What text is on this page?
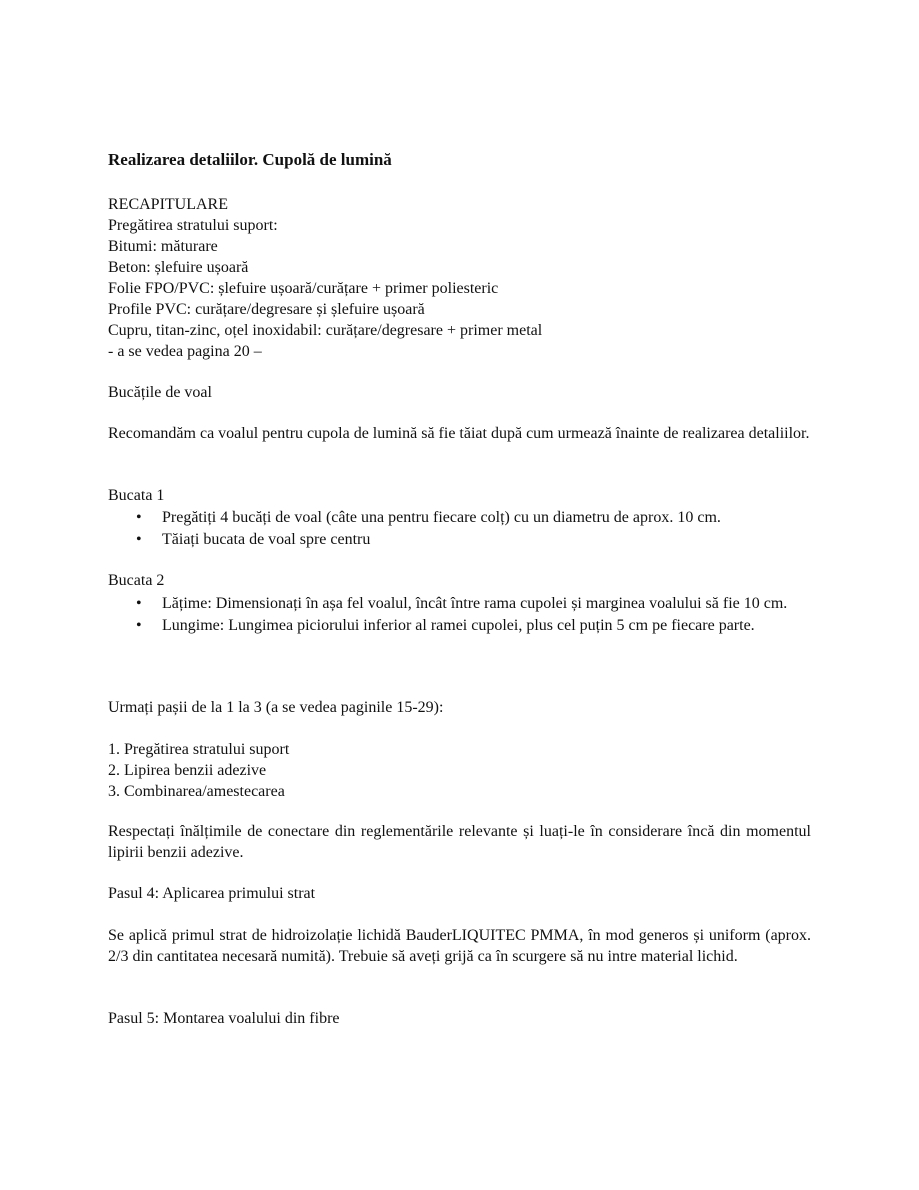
Realizarea detaliilor. Cupolă de lumină
RECAPITULARE
Pregătirea stratului suport:
Bitumi: măturare
Beton: șlefuire ușoară
Folie FPO/PVC: șlefuire ușoară/curățare + primer poliesteric
Profile PVC: curățare/degresare și șlefuire ușoară
Cupru, titan-zinc, oțel inoxidabil: curățare/degresare + primer metal
- a se vedea pagina 20 –
Bucățile de voal
Recomandăm ca voalul pentru cupola de lumină să fie tăiat după cum urmează înainte de realizarea detaliilor.
Bucata 1
• Pregătiți 4 bucăți de voal (câte una pentru fiecare colț) cu un diametru de aprox. 10 cm.
• Tăiați bucata de voal spre centru
Bucata 2
• Lățime: Dimensionați în așa fel voalul, încât între rama cupolei și marginea voalului să fie 10 cm.
• Lungime: Lungimea piciorului inferior al ramei cupolei, plus cel puțin 5 cm pe fiecare parte.
Urmați pașii de la 1 la 3 (a se vedea paginile 15-29):
1. Pregătirea stratului suport
2. Lipirea benzii adezive
3. Combinarea/amestecarea
Respectați înălțimile de conectare din reglementările relevante și luați-le în considerare încă din momentul lipirii benzii adezive.
Pasul 4: Aplicarea primului strat
Se aplică primul strat de hidroizolație lichidă BauderLIQUITEC PMMA, în mod generos și uniform (aprox. 2/3 din cantitatea necesară numită). Trebuie să aveți grijă ca în scurgere să nu intre material lichid.
Pasul 5: Montarea voalului din fibre
